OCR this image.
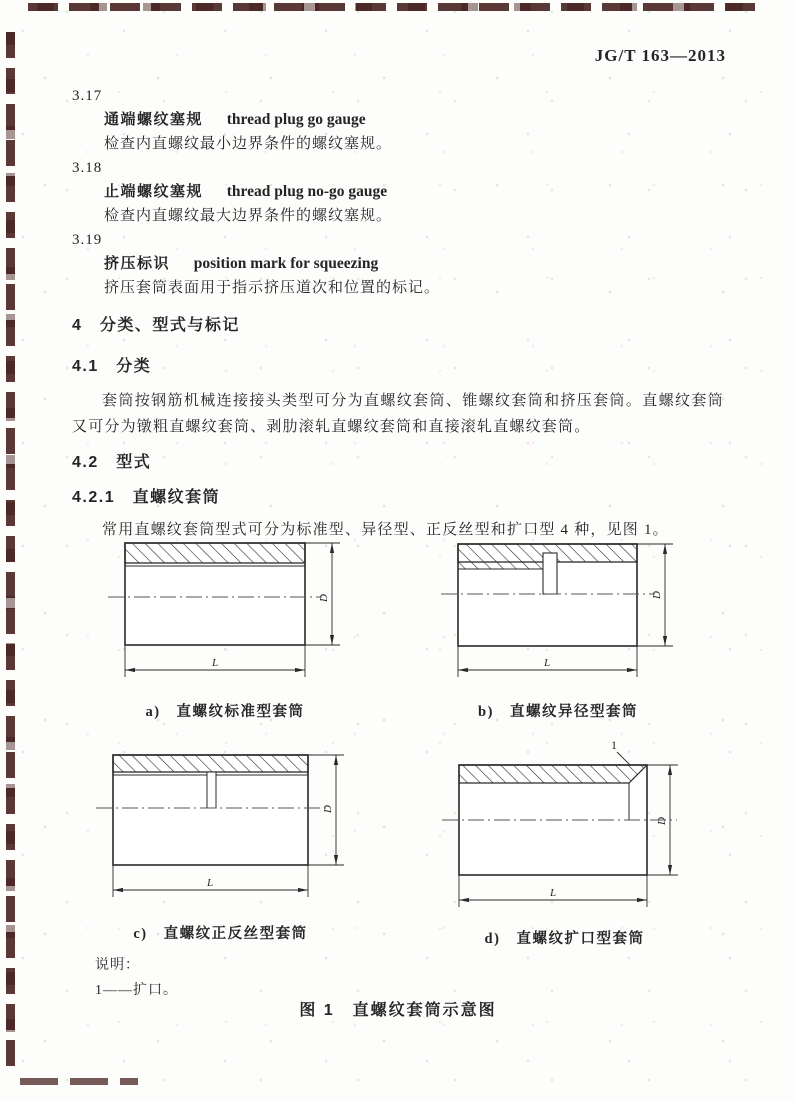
JG/T 163—2013
3.17
通端螺纹塞规 thread plug go gauge
检查内直螺纹最小边界条件的螺纹塞规。
3.18
止端螺纹塞规 thread plug no-go gauge
检查内直螺纹最大边界条件的螺纹塞规。
3.19
挤压标识 position mark for squeezing
挤压套筒表面用于指示挤压道次和位置的标记。
4　分类、型式与标记
4.1　分类

套筒按钢筋机械连接接头类型可分为直螺纹套筒、锥螺纹套筒和挤压套筒。直螺纹套筒又可分为镦粗直螺纹套筒、剥肋滚轧直螺纹套筒和直接滚轧直螺纹套筒。

4.2　型式
4.2.1　直螺纹套筒

常用直螺纹套筒型式可分为标准型、异径型、正反丝型和扩口型 4 种，见图 1。

D
L
a) 直螺纹标准型套筒
D
L
b) 直螺纹异径型套筒
D
L
c) 直螺纹正反丝型套筒
1
D
L
d) 直螺纹扩口型套筒
说明：
1——扩口。
图 1　直螺纹套筒示意图
